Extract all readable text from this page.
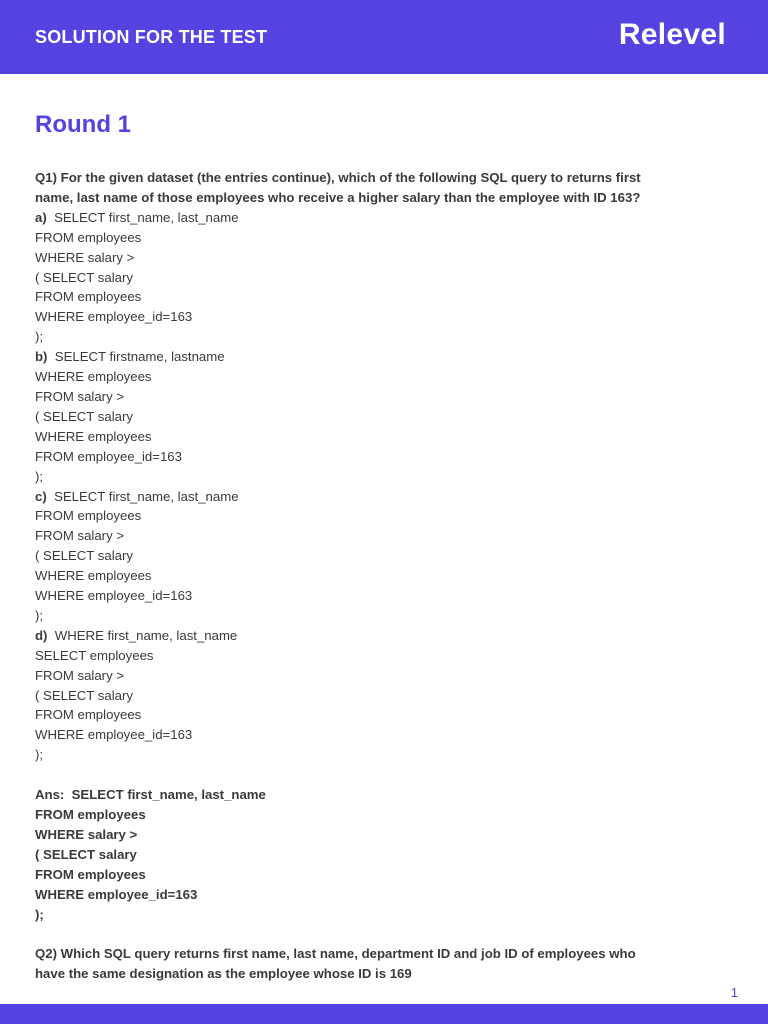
SOLUTION FOR THE TEST	Relevel
Round 1
Q1) For the given dataset (the entries continue), which of the following SQL query to returns first
name, last name of those employees who receive a higher salary than the employee with ID 163?
a) SELECT first_name, last_name
FROM employees
WHERE salary >
( SELECT salary
FROM employees
WHERE employee_id=163
);
b) SELECT firstname, lastname
WHERE employees
FROM salary >
( SELECT salary
WHERE employees
FROM employee_id=163
);
c) SELECT first_name, last_name
FROM employees
FROM salary >
( SELECT salary
WHERE employees
WHERE employee_id=163
);
d) WHERE first_name, last_name
SELECT employees
FROM salary >
( SELECT salary
FROM employees
WHERE employee_id=163
);
Ans: SELECT first_name, last_name
FROM employees
WHERE salary >
( SELECT salary
FROM employees
WHERE employee_id=163
);
Q2) Which SQL query returns first name, last name, department ID and job ID of employees who
have the same designation as the employee whose ID is 169
1
